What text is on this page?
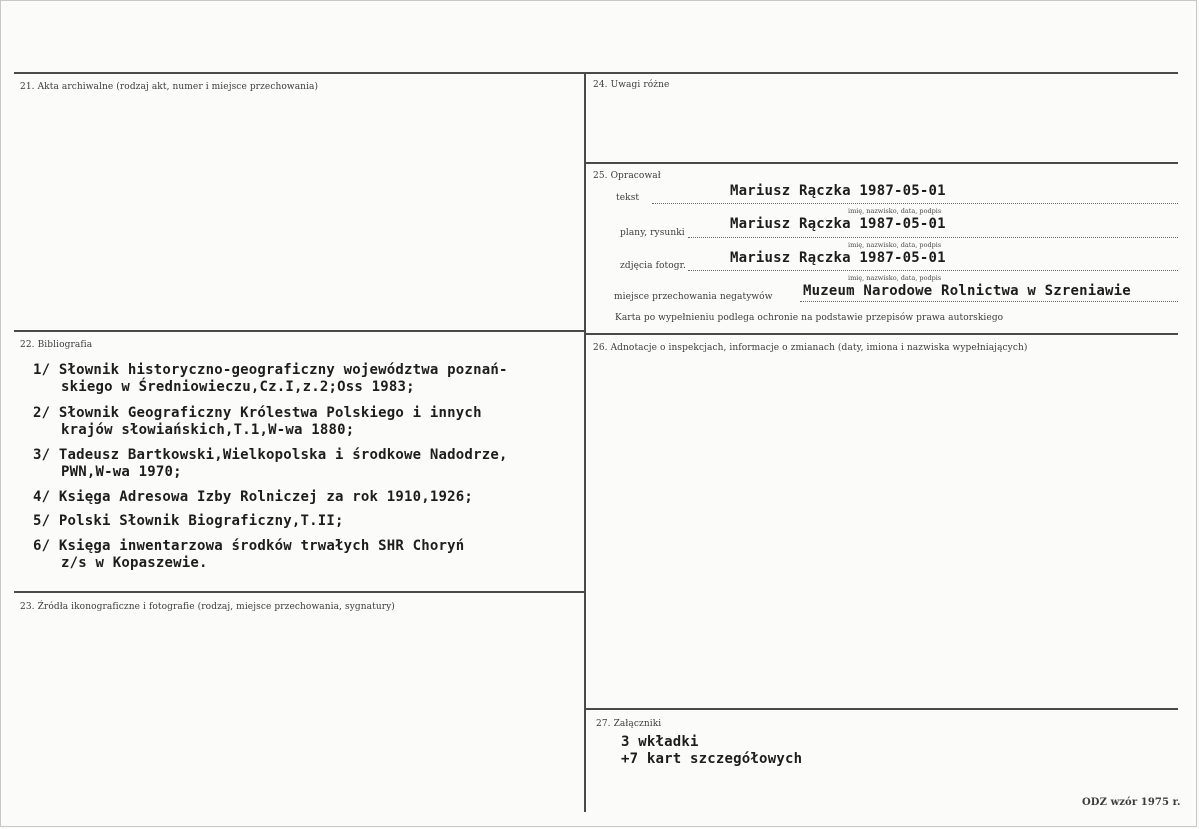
21. Akta archiwalne (rodzaj akt, numer i miejsce przechowania)
22. Bibliografia
23. Źródła ikonograficzne i fotografie (rodzaj, miejsce przechowania, sygnatury)
1/ Słownik historyczno-geograficzny województwa poznań-
skiego w Średniowieczu,Cz.I,z.2;Oss 1983;
2/ Słownik Geograficzny Królestwa Polskiego i innych
krajów słowiańskich,T.1,W-wa 1880;
3/ Tadeusz Bartkowski,Wielkopolska i środkowe Nadodrze,
PWN,W-wa 1970;
4/ Księga Adresowa Izby Rolniczej za rok 1910,1926;
5/ Polski Słownik Biograficzny,T.II;
6/ Księga inwentarzowa środków trwałych SHR Choryń
z/s w Kopaszewie.
24. Uwagi różne
25. Opracował
tekst	Mariusz Rączka 1987-05-01
imię, nazwisko, data, podpis
plany, rysunki
Mariusz Rączka 1987-05-01
imię, nazwisko, data, podpis
zdjęcia fotogr.	Mariusz Rączka 1987-05-01
imię, nazwisko, data, podpis
miejsce przechowania negatywów Muzeum Narodowe Rolnictwa w Szreniawie
Karta po wypełnieniu podlega ochronie na podstawie przepisów prawa autorskiego
26. Adnotacje o inspekcjach, informacje o zmianach (daty, imiona i nazwiska wypełniających)
27. Załączniki
3 wkładki
+7 kart szczegółowych
ODZ wzór 1975 r.
